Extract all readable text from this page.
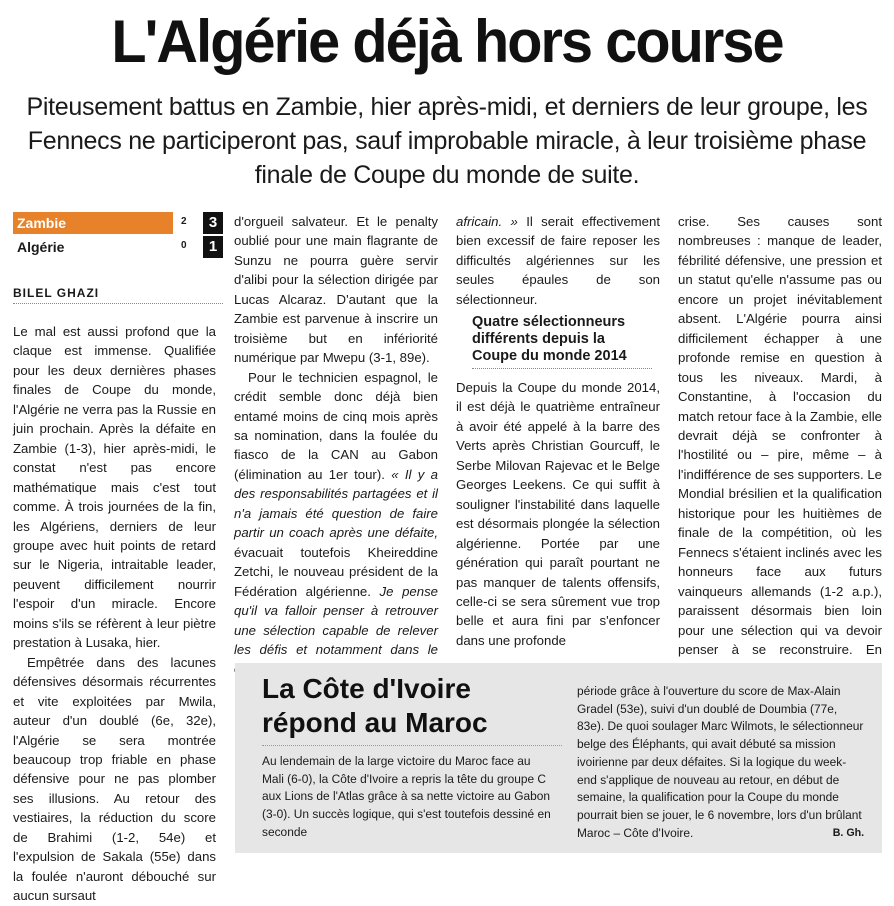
L'Algérie déjà hors course
Piteusement battus en Zambie, hier après-midi, et derniers de leur groupe, les Fennecs ne participeront pas, sauf improbable miracle, à leur troisième phase finale de Coupe du monde de suite.
Zambie	2	3
Algérie	0	1
BILEL GHAZI

Le mal est aussi profond que la claque est immense. Qualifiée pour les deux dernières phases finales de Coupe du monde, l'Algérie ne verra pas la Russie en juin prochain. Après la défaite en Zambie (1-3), hier après-midi, le constat n'est pas encore mathématique mais c'est tout comme. À trois journées de la fin, les Algériens, derniers de leur groupe avec huit points de retard sur le Nigeria, intraitable leader, peuvent difficilement nourrir l'espoir d'un miracle. Encore moins s'ils se réfèrent à leur piètre prestation à Lusaka, hier.

Empêtrée dans des lacunes défensives désormais récurrentes et vite exploitées par Mwila, auteur d'un doublé (6e, 32e), l'Algérie se sera montrée beaucoup trop friable en phase défensive pour ne pas plomber ses illusions. Au retour des vestiaires, la réduction du score de Brahimi (1-2, 54e) et l'expulsion de Sakala (55e) dans la foulée n'auront débouché sur aucun sursaut

d'orgueil salvateur. Et le penalty oublié pour une main flagrante de Sunzu ne pourra guère servir d'alibi pour la sélection dirigée par Lucas Alcaraz. D'autant que la Zambie est parvenue à inscrire un troisième but en infériorité numérique par Mwepu (3-1, 89e).

Pour le technicien espagnol, le crédit semble donc déjà bien entamé moins de cinq mois après sa nomination, dans la foulée du fiasco de la CAN au Gabon (élimination au 1er tour). « Il y a des responsabilités partagées et il n'a jamais été question de faire partir un coach après une défaite, évacuait toutefois Kheireddine Zetchi, le nouveau président de la Fédération algérienne. Je pense qu'il va falloir penser à retrouver une sélection capable de relever les défis et notamment dans le

africain. » Il serait effectivement bien excessif de faire reposer les difficultés algériennes sur les seules épaules de son sélectionneur.

Quatre sélectionneurs différents depuis la Coupe du monde 2014

Depuis la Coupe du monde 2014, il est déjà le quatrième entraîneur à avoir été appelé à la barre des Verts après Christian Gourcuff, le Serbe Milovan Rajevac et le Belge Georges Leekens. Ce qui suffit à souligner l'instabilité dans laquelle est désormais plongée la sélection algérienne. Portée par une génération qui paraît pourtant ne pas manquer de talents offensifs, celle-ci se sera sûrement vue trop belle et aura fini par s'enfoncer dans une profonde

crise. Ses causes sont nombreuses : manque de leader, fébrilité défensive, une pression et un statut qu'elle n'assume pas ou encore un projet inévitablement absent. L'Algérie pourra ainsi difficilement échapper à une profonde remise en question à tous les niveaux. Mardi, à Constantine, à l'occasion du match retour face à la Zambie, elle devrait déjà se confronter à l'hostilité ou – pire, même – à l'indifférence de ses supporters. Le Mondial brésilien et la qualification historique pour les huitièmes de finale de la compétition, où les Fennecs s'étaient inclinés avec les honneurs face aux futurs vainqueurs allemands (1-2 a.p.), paraissent désormais bien loin pour une sélection qui va devoir penser à se reconstruire. En

La Côte d'Ivoire
répond au Maroc
Au lendemain de la large victoire du Maroc face au Mali (6-0), la Côte d'Ivoire a repris la tête du groupe C aux Lions de l'Atlas grâce à sa nette victoire au Gabon (3-0). Un succès logique, qui s'est toutefois dessiné en seconde
période grâce à l'ouverture du score de Max-Alain Gradel (53e), suivi d'un doublé de Doumbia (77e, 83e). De quoi soulager Marc Wilmots, le sélectionneur belge des Éléphants, qui avait débuté sa mission ivoirienne par deux défaites. Si la logique du week-end s'applique de nouveau au retour, en début de semaine, la qualification pour la Coupe du monde pourrait bien se jouer, le 6 novembre, lors d'un brûlant Maroc – Côte d'Ivoire.	B. Gh.
